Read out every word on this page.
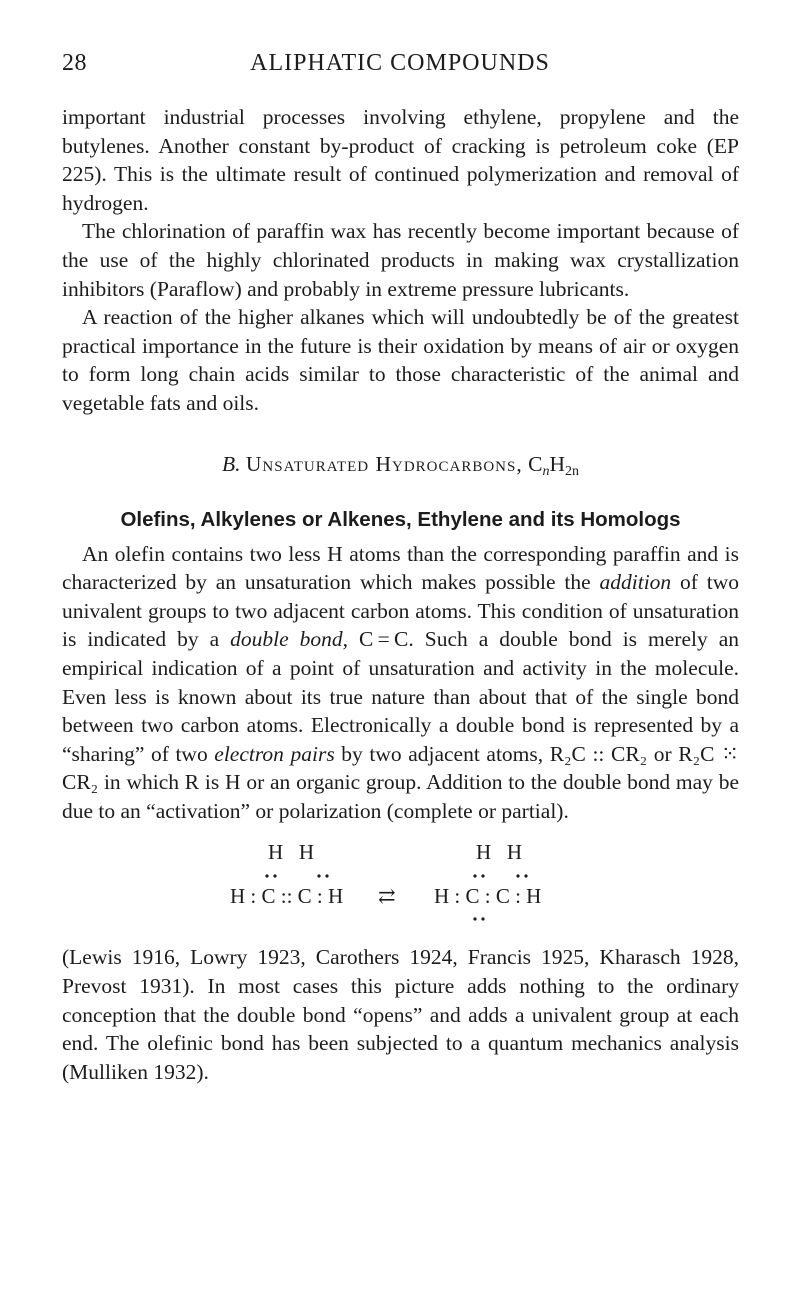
28	ALIPHATIC COMPOUNDS

important industrial processes involving ethylene, propylene and the butylenes. Another constant by-product of cracking is petroleum coke (EP 225). This is the ultimate result of continued polymerization and removal of hydrogen.

The chlorination of paraffin wax has recently become important because of the use of the highly chlorinated products in making wax crystallization inhibitors (Paraflow) and probably in extreme pressure lubricants.

A reaction of the higher alkanes which will undoubtedly be of the greatest practical importance in the future is their oxidation by means of air or oxygen to form long chain acids similar to those characteristic of the animal and vegetable fats and oils.

B. Unsaturated Hydrocarbons, $C_nH_{2n}$
Olefins, Alkylenes or Alkenes, Ethylene and its Homologs

An olefin contains two less H atoms than the corresponding paraffin and is characterized by an unsaturation which makes possible the addition of two univalent groups to two adjacent carbon atoms. This condition of unsaturation is indicated by a double bond, C = C. Such a double bond is merely an empirical indication of a point of unsaturation and activity in the molecule. Even less is known about its true nature than about that of the single bond between two carbon atoms. Electronically a double bond is represented by a “sharing” of two electron pairs by two adjacent atoms, R₂C :: CR₂ or R₂C ⁙ CR₂ in which R is H or an organic group. Addition to the double bond may be due to an “activation” or polarization (complete or partial).

H   H
H : C :: C : H ⇄
H   H
H : C : C : H

(Lewis 1916, Lowry 1923, Carothers 1924, Francis 1925, Kharasch 1928, Prevost 1931). In most cases this picture adds nothing to the ordinary conception that the double bond “opens” and adds a univalent group at each end. The olefinic bond has been subjected to a quantum mechanics analysis (Mulliken 1932).
